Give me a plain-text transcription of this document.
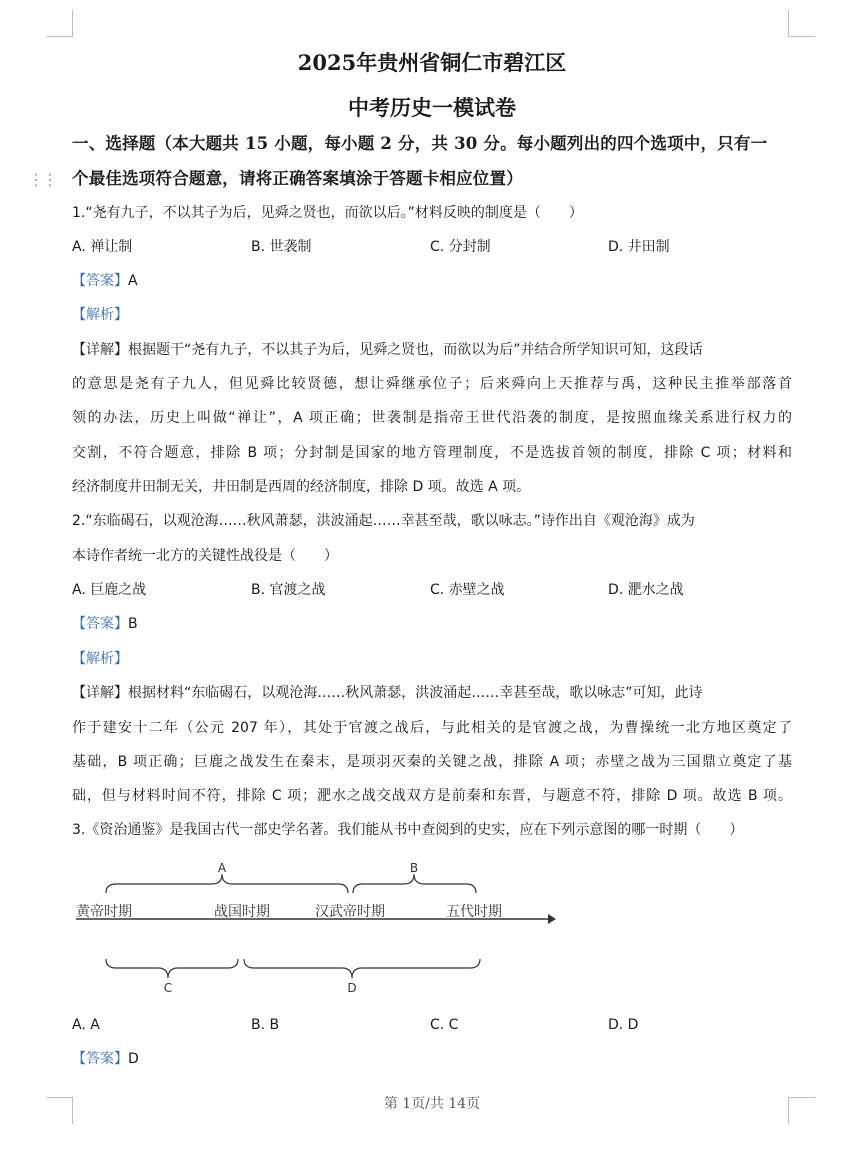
⋮⋮
2025年贵州省铜仁市碧江区
中考历史一模试卷
一、选择题（本大题共 15 小题，每小题 2 分，共 30 分。每小题列出的四个选项中，只有一
个最佳选项符合题意，请将正确答案填涂于答题卡相应位置）
1.“尧有九子，不以其子为后，见舜之贤也，而欲以后。”材料反映的制度是（　　）
A. 禅让制	B. 世袭制	C. 分封制	D. 井田制
【答案】A
【解析】
【详解】根据题干“尧有九子，不以其子为后，见舜之贤也，而欲以为后”并结合所学知识可知，这段话
的意思是尧有子九人，但见舜比较贤德，想让舜继承位子；后来舜向上天推荐与禹，这种民主推举部落首
领的办法，历史上叫做“禅让”，A 项正确；世袭制是指帝王世代沿袭的制度，是按照血缘关系进行权力的
交割，不符合题意，排除 B 项；分封制是国家的地方管理制度，不是选拔首领的制度，排除 C 项；材料和
经济制度井田制无关，井田制是西周的经济制度，排除 D 项。故选 A 项。
2.“东临碣石，以观沧海……秋风萧瑟，洪波涌起……幸甚至哉，歌以咏志。”诗作出自《观沧海》成为
本诗作者统一北方的关键性战役是（　　）
A. 巨鹿之战	B. 官渡之战	C. 赤壁之战	D. 淝水之战
【答案】B
【解析】
【详解】根据材料“东临碣石，以观沧海……秋风萧瑟，洪波涌起……幸甚至哉，歌以咏志”可知，此诗
作于建安十二年（公元 207 年），其处于官渡之战后，与此相关的是官渡之战，为曹操统一北方地区奠定了
基础，B 项正确；巨鹿之战发生在秦末，是项羽灭秦的关键之战，排除 A 项；赤壁之战为三国鼎立奠定了基
础，但与材料时间不符，排除 C 项；淝水之战交战双方是前秦和东晋，与题意不符，排除 D 项。故选 B 项。
3.《资治通鉴》是我国古代一部史学名著。我们能从书中查阅到的史实，应在下列示意图的哪一时期（　　）
A	B
黄帝时期	战国时期	汉武帝时期	五代时期
C	D
A. A	B. B	C. C	D. D
【答案】D
第 1页/共 14页
